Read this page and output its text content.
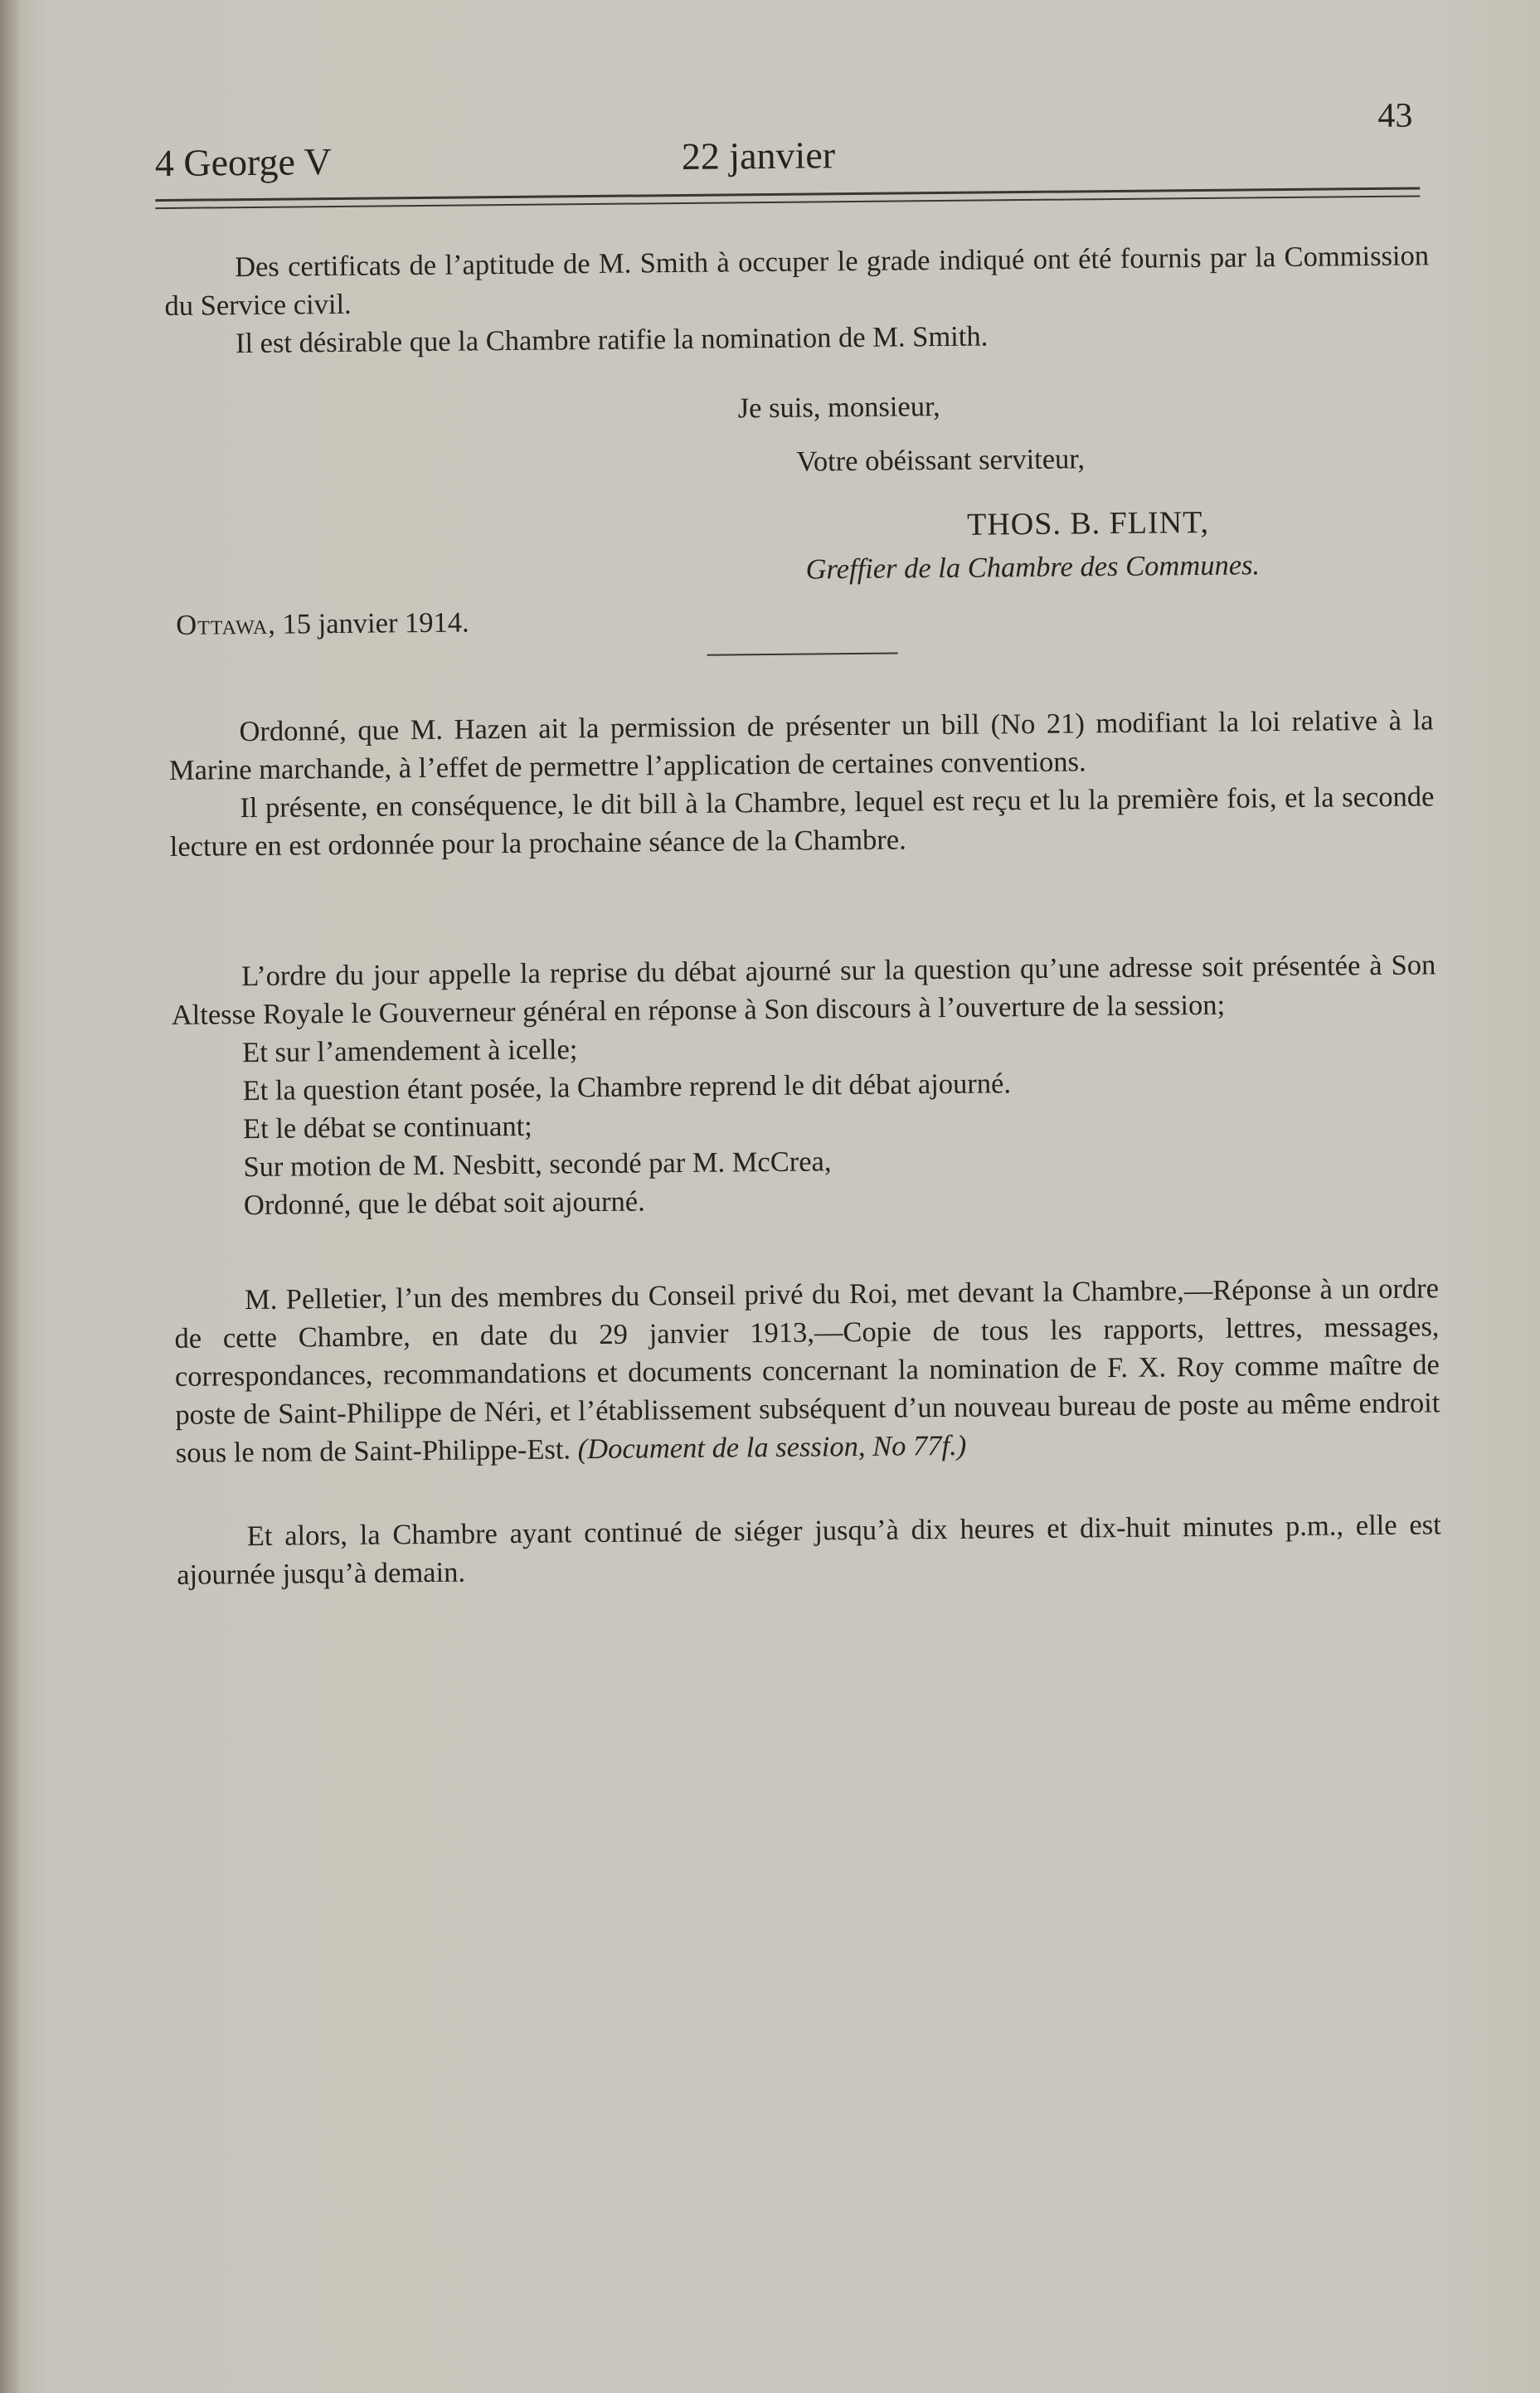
4 George V	22 janvier
43

Des certificats de l’aptitude de M. Smith à occuper le grade indiqué ont été fournis par la Commission du Service civil.

Il est désirable que la Chambre ratifie la nomination de M. Smith.

Je suis, monsieur,
Votre obéissant serviteur,
THOS. B. FLINT,
Greffier de la Chambre des Communes.
Ottawa, 15 janvier 1914.

Ordonné, que M. Hazen ait la permission de présenter un bill (No 21) modifiant la loi relative à la Marine marchande, à l’effet de permettre l’application de certaines conventions.

Il présente, en conséquence, le dit bill à la Chambre, lequel est reçu et lu la première fois, et la seconde lecture en est ordonnée pour la prochaine séance de la Chambre.

L’ordre du jour appelle la reprise du débat ajourné sur la question qu’une adresse soit présentée à Son Altesse Royale le Gouverneur général en réponse à Son discours à l’ouverture de la session;

Et sur l’amendement à icelle;
Et la question étant posée, la Chambre reprend le dit débat ajourné.
Et le débat se continuant;
Sur motion de M. Nesbitt, secondé par M. McCrea,
Ordonné, que le débat soit ajourné.

M. Pelletier, l’un des membres du Conseil privé du Roi, met devant la Chambre,—Réponse à un ordre de cette Chambre, en date du 29 janvier 1913,—Copie de tous les rapports, lettres, messages, correspondances, recommandations et documents concernant la nomination de F. X. Roy comme maître de poste de Saint-Philippe de Néri, et l’établissement subséquent d’un nouveau bureau de poste au même endroit sous le nom de Saint-Philippe-Est. (Document de la session, No 77f.)

Et alors, la Chambre ayant continué de siéger jusqu’à dix heures et dix-huit minutes p.m., elle est ajournée jusqu’à demain.
